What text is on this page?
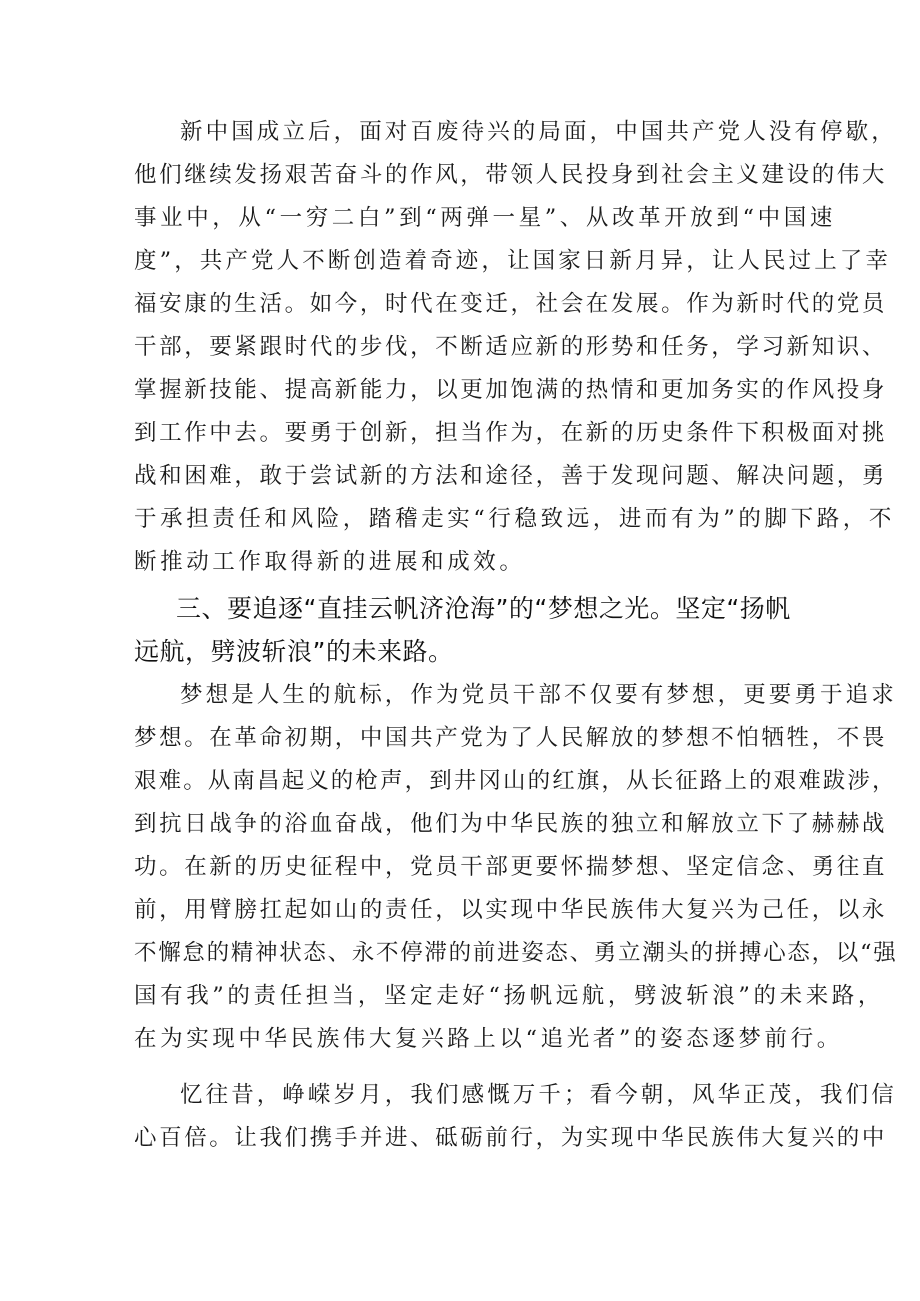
新中国成立后，面对百废待兴的局面，中国共产党人没有停歇，
他们继续发扬艰苦奋斗的作风，带领人民投身到社会主义建设的伟大
事业中，从“一穷二白”到“两弹一星”、从改革开放到“中国速
度”，共产党人不断创造着奇迹，让国家日新月异，让人民过上了幸
福安康的生活。如今，时代在变迁，社会在发展。作为新时代的党员
干部，要紧跟时代的步伐，不断适应新的形势和任务，学习新知识、
掌握新技能、提高新能力，以更加饱满的热情和更加务实的作风投身
到工作中去。要勇于创新，担当作为，在新的历史条件下积极面对挑
战和困难，敢于尝试新的方法和途径，善于发现问题、解决问题，勇
于承担责任和风险，踏稽走实“行稳致远，进而有为”的脚下路，不
断推动工作取得新的进展和成效。
三、要追逐“直挂云帆济沧海”的“梦想之光。坚定“扬帆
远航，劈波斩浪”的未来路。
梦想是人生的航标，作为党员干部不仅要有梦想，更要勇于追求
梦想。在革命初期，中国共产党为了人民解放的梦想不怕牺牲，不畏
艰难。从南昌起义的枪声，到井冈山的红旗，从长征路上的艰难跋涉，
到抗日战争的浴血奋战，他们为中华民族的独立和解放立下了赫赫战
功。在新的历史征程中，党员干部更要怀揣梦想、坚定信念、勇往直
前，用臂膀扛起如山的责任，以实现中华民族伟大复兴为己任，以永
不懈怠的精神状态、永不停滞的前进姿态、勇立潮头的拼搏心态，以“强
国有我”的责任担当，坚定走好“扬帆远航，劈波斩浪”的未来路，
在为实现中华民族伟大复兴路上以“追光者”的姿态逐梦前行。
忆往昔，峥嵘岁月，我们感慨万千；看今朝，风华正茂，我们信
心百倍。让我们携手并进、砥砺前行，为实现中华民族伟大复兴的中
